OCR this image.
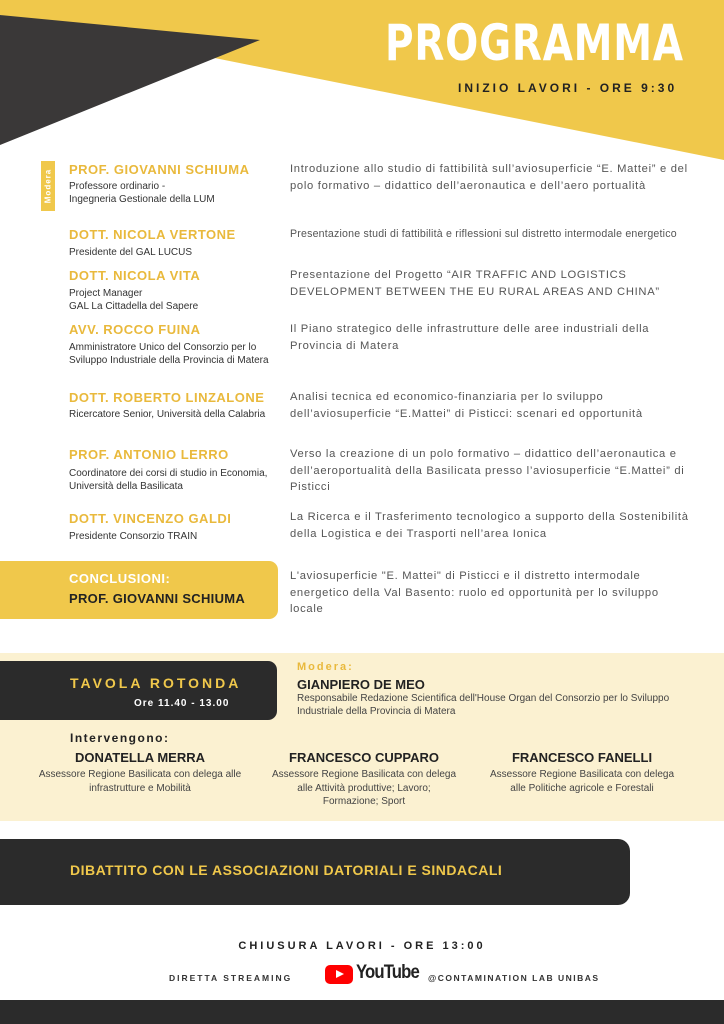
PROGRAMMA
INIZIO LAVORI - ORE 9:30
Modera PROF. GIOVANNI SCHIUMA
Professore ordinario -
Ingegneria Gestionale della LUM
Introduzione allo studio di fattibilità sull’aviosuperficie “E. Mattei” e del polo formativo – didattico dell’aeronautica e dell’aero portualità
DOTT. NICOLA VERTONE
Presidente del GAL LUCUS
Presentazione studi di fattibilità e riflessioni sul distretto intermodale energetico
DOTT. NICOLA VITA
Project Manager
GAL La Cittadella del Sapere
Presentazione del Progetto “AIR TRAFFIC AND LOGISTICS DEVELOPMENT BETWEEN THE EU RURAL AREAS AND CHINA”
AVV. ROCCO FUINA
Amministratore Unico del Consorzio per lo Sviluppo Industriale della Provincia di Matera
Il Piano strategico delle infrastrutture delle aree industriali della Provincia di Matera
DOTT. ROBERTO LINZALONE
Ricercatore Senior, Università della Calabria
Analisi tecnica ed economico-finanziaria per lo sviluppo dell’aviosuperficie “E.Mattei” di Pisticci: scenari ed opportunità
PROF. ANTONIO LERRO
Coordinatore dei corsi di studio in Economia, Università della Basilicata
Verso la creazione di un polo formativo – didattico dell’aeronautica e dell’aeroportualità della Basilicata presso l’aviosuperficie “E.Mattei” di Pisticci
DOTT. VINCENZO GALDI
Presidente Consorzio TRAIN
La Ricerca e il Trasferimento tecnologico a supporto della Sostenibilità della Logistica e dei Trasporti nell’area Ionica
CONCLUSIONI:
PROF. GIOVANNI SCHIUMA
L'aviosuperficie "E. Mattei" di Pisticci e il distretto intermodale energetico della Val Basento: ruolo ed opportunità per lo sviluppo locale
TAVOLA ROTONDA
Ore 11.40 - 13.00
Modera:
GIANPIERO DE MEO
Responsabile Redazione Scientifica dell'House Organ del Consorzio per lo Sviluppo Industriale della Provincia di Matera
Intervengono:
DONATELLA MERRA
Assessore Regione Basilicata con delega alle infrastrutture e Mobilità
FRANCESCO CUPPARO
Assessore Regione Basilicata con delega alle Attività produttive; Lavoro; Formazione; Sport
FRANCESCO FANELLI
Assessore Regione Basilicata con delega alle Politiche agricole e Forestali
DIBATTITO CON LE ASSOCIAZIONI DATORIALI E SINDACALI
CHIUSURA LAVORI - ORE 13:00
DIRETTA STREAMING	YouTube @CONTAMINATION LAB UNIBAS
